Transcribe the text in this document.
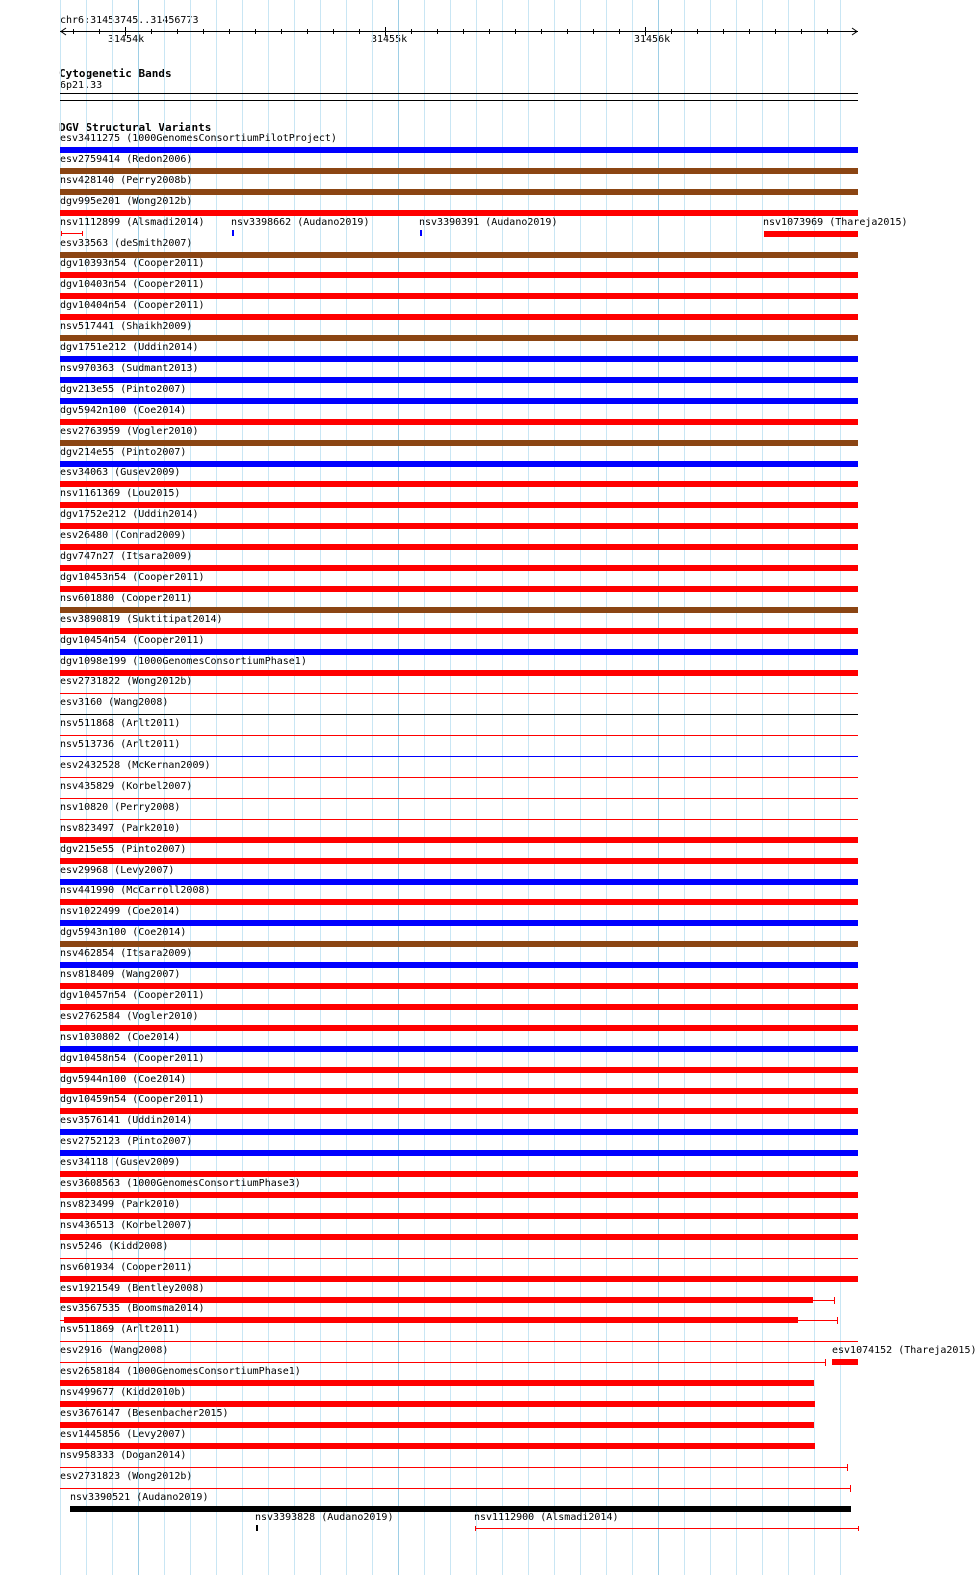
chr6:31453745..31456773
31454k	31455k	31456k
Cytogenetic Bands
6p21.33
DGV Structural Variants
esv3411275 (1000GenomesConsortiumPilotProject)
esv2759414 (Redon2006)
nsv428140 (Perry2008b)
dgv995e201 (Wong2012b)
nsv1112899 (Alsmadi2014)	nsv3398662 (Audano2019)	nsv3390391 (Audano2019)	nsv1073969 (Thareja2015)
esv33563 (deSmith2007)
dgv10393n54 (Cooper2011)
dgv10403n54 (Cooper2011)
dgv10404n54 (Cooper2011)
nsv517441 (Shaikh2009)
dgv1751e212 (Uddin2014)
nsv970363 (Sudmant2013)
dgv213e55 (Pinto2007)
dgv5942n100 (Coe2014)
esv2763959 (Vogler2010)
dgv214e55 (Pinto2007)
esv34063 (Gusev2009)
nsv1161369 (Lou2015)
dgv1752e212 (Uddin2014)
esv26480 (Conrad2009)
dgv747n27 (Itsara2009)
dgv10453n54 (Cooper2011)
nsv601880 (Cooper2011)
esv3890819 (Suktitipat2014)
dgv10454n54 (Cooper2011)
dgv1098e199 (1000GenomesConsortiumPhase1)
esv2731822 (Wong2012b)
esv3160 (Wang2008)
nsv511868 (Arlt2011)
nsv513736 (Arlt2011)
esv2432528 (McKernan2009)
nsv435829 (Korbel2007)
nsv10820 (Perry2008)
nsv823497 (Park2010)
dgv215e55 (Pinto2007)
esv29968 (Levy2007)
nsv441990 (McCarroll2008)
nsv1022499 (Coe2014)
dgv5943n100 (Coe2014)
nsv462854 (Itsara2009)
nsv818409 (Wang2007)
dgv10457n54 (Cooper2011)
esv2762584 (Vogler2010)
nsv1030802 (Coe2014)
dgv10458n54 (Cooper2011)
dgv5944n100 (Coe2014)
dgv10459n54 (Cooper2011)
esv3576141 (Uddin2014)
esv2752123 (Pinto2007)
esv34118 (Gusev2009)
esv3608563 (1000GenomesConsortiumPhase3)
nsv823499 (Park2010)
nsv436513 (Korbel2007)
nsv5246 (Kidd2008)
nsv601934 (Cooper2011)
esv1921549 (Bentley2008)
esv3567535 (Boomsma2014)
nsv511869 (Arlt2011)
esv2916 (Wang2008)	esv1074152 (Thareja2015)
esv2658184 (1000GenomesConsortiumPhase1)
nsv499677 (Kidd2010b)
esv3676147 (Besenbacher2015)
esv1445856 (Levy2007)
nsv958333 (Dogan2014)
esv2731823 (Wong2012b)
nsv3390521 (Audano2019)
nsv3393828 (Audano2019)	nsv1112900 (Alsmadi2014)
